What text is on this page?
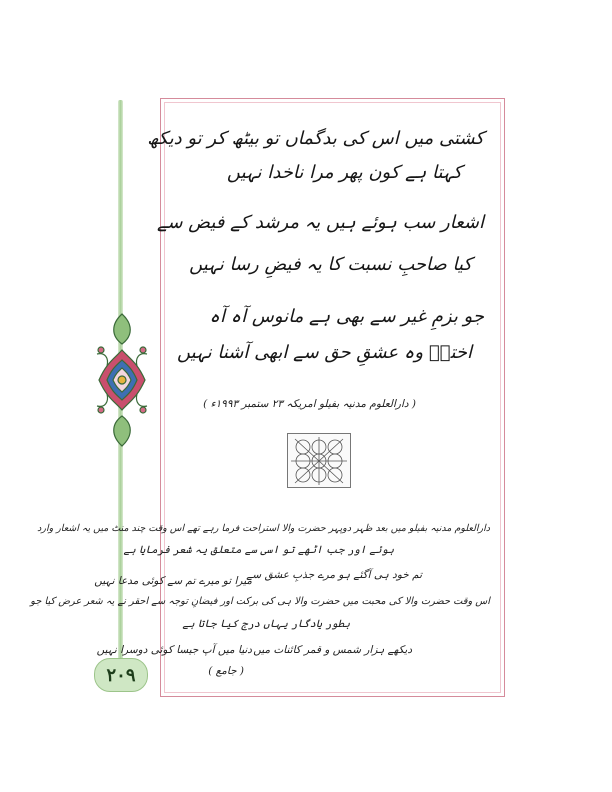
۲۰۹
کشتی میں اس کی بدگماں تو بیٹھ کر تو دیکھ
کہتا ہے کون پھر مرا ناخدا نہیں
اشعار سب ہوئے ہیں یہ مرشد کے فیض سے
کیا صاحبِ نسبت کا یہ فیضِ رسا نہیں
جو بزمِ غیر سے بھی ہے مانوس آہ آہ
اخترؔ وہ عشقِ حق سے ابھی آشنا نہیں
( دارالعلوم مدنیہ بفیلو امریکہ ۲۳ ستمبر ۱۹۹۳ء )
دارالعلوم مدنیہ بفیلو میں بعد ظہر دوپہر حضرت والا استراحت فرما رہے تھے اس وقت چند منٹ میں یہ اشعار وارد
ہوئے اور جب اٹھے تو اسی سے متعلق یہ شعر فرمایا ہے
تم خود ہی آگئے ہو مرے جذبِ عشق سے
میرا تو میرے تم سے کوئی مدعا نہیں
اس وقت حضرت والا کی محبت میں حضرت والا ہی کی برکت اور فیضانِ توجہ سے احقر نے یہ شعر عرض کیا جو
بطور یادگار یہاں درج کیا جاتا ہے
دیکھے ہزار شمس و قمر کائنات میں
دنیا میں آپ جیسا کوئی دوسرا نہیں
( جامع )
